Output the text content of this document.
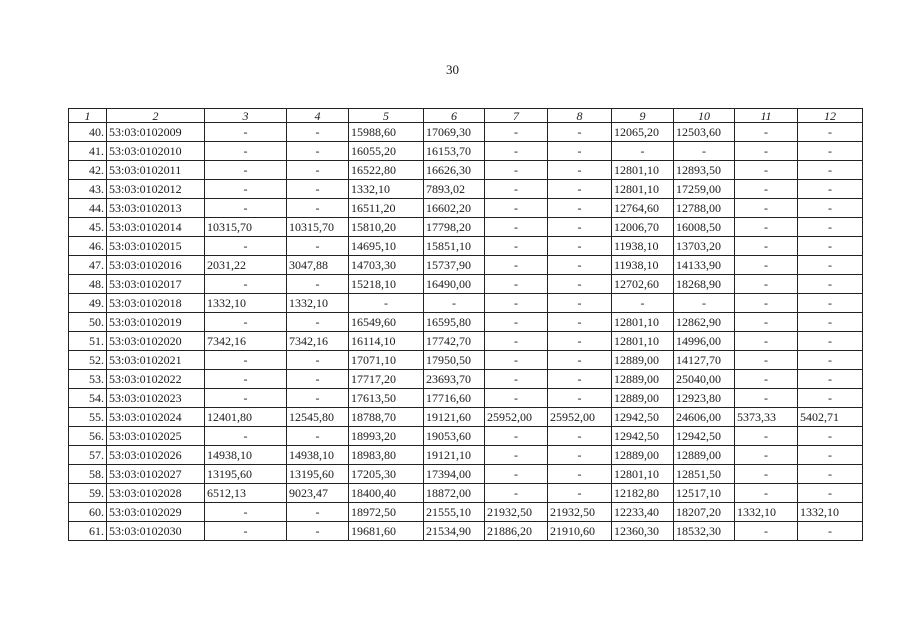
30
1	2	3	4	5	6	7	8	9	10	11	12
40.	53:03:0102009	-	-	15988,60	17069,30	-	-	12065,20	12503,60	-	-
41.	53:03:0102010	-	-	16055,20	16153,70	-	-	-	-	-	-
42.	53:03:0102011	-	-	16522,80	16626,30	-	-	12801,10	12893,50	-	-
43.	53:03:0102012	-	-	1332,10	7893,02	-	-	12801,10	17259,00	-	-
44.	53:03:0102013	-	-	16511,20	16602,20	-	-	12764,60	12788,00	-	-
45.	53:03:0102014	10315,70	10315,70	15810,20	17798,20	-	-	12006,70	16008,50	-	-
46.	53:03:0102015	-	-	14695,10	15851,10	-	-	11938,10	13703,20	-	-
47.	53:03:0102016	2031,22	3047,88	14703,30	15737,90	-	-	11938,10	14133,90	-	-
48.	53:03:0102017	-	-	15218,10	16490,00	-	-	12702,60	18268,90	-	-
49.	53:03:0102018	1332,10	1332,10	-	-	-	-	-	-	-	-
50.	53:03:0102019	-	-	16549,60	16595,80	-	-	12801,10	12862,90	-	-
51.	53:03:0102020	7342,16	7342,16	16114,10	17742,70	-	-	12801,10	14996,00	-	-
52.	53:03:0102021	-	-	17071,10	17950,50	-	-	12889,00	14127,70	-	-
53.	53:03:0102022	-	-	17717,20	23693,70	-	-	12889,00	25040,00	-	-
54.	53:03:0102023	-	-	17613,50	17716,60	-	-	12889,00	12923,80	-	-
55.	53:03:0102024	12401,80	12545,80	18788,70	19121,60	25952,00	25952,00	12942,50	24606,00	5373,33	5402,71
56.	53:03:0102025	-	-	18993,20	19053,60	-	-	12942,50	12942,50	-	-
57.	53:03:0102026	14938,10	14938,10	18983,80	19121,10	-	-	12889,00	12889,00	-	-
58.	53:03:0102027	13195,60	13195,60	17205,30	17394,00	-	-	12801,10	12851,50	-	-
59.	53:03:0102028	6512,13	9023,47	18400,40	18872,00	-	-	12182,80	12517,10	-	-
60.	53:03:0102029	-	-	18972,50	21555,10	21932,50	21932,50	12233,40	18207,20	1332,10	1332,10
61.	53:03:0102030	-	-	19681,60	21534,90	21886,20	21910,60	12360,30	18532,30	-	-
